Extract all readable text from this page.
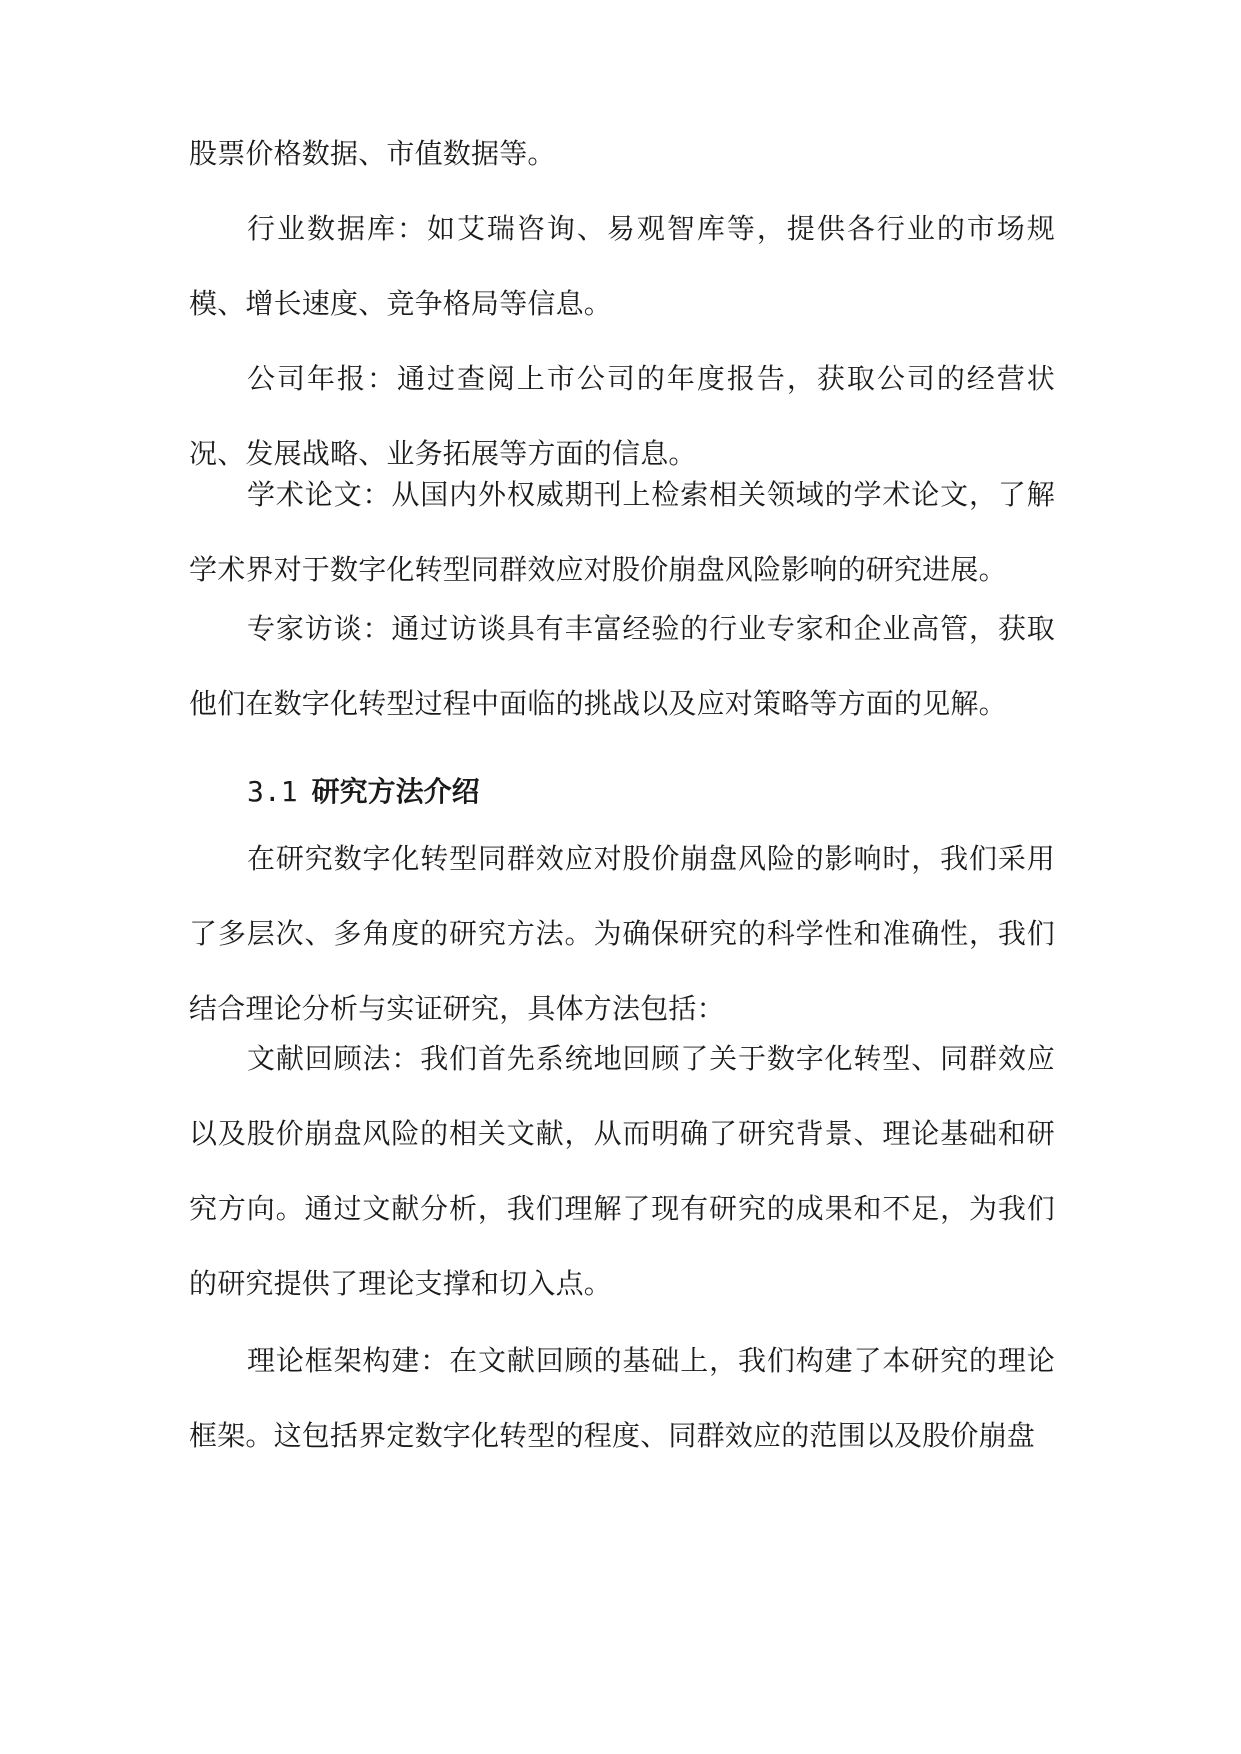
股票价格数据、市值数据等。

行业数据库：如艾瑞咨询、易观智库等，提供各行业的市场规模、增长速度、竞争格局等信息。

公司年报：通过查阅上市公司的年度报告，获取公司的经营状况、发展战略、业务拓展等方面的信息。

学术论文：从国内外权威期刊上检索相关领域的学术论文，了解学术界对于数字化转型同群效应对股价崩盘风险影响的研究进展。

专家访谈：通过访谈具有丰富经验的行业专家和企业高管，获取他们在数字化转型过程中面临的挑战以及应对策略等方面的见解。

3.1 研究方法介绍

在研究数字化转型同群效应对股价崩盘风险的影响时，我们采用了多层次、多角度的研究方法。为确保研究的科学性和准确性，我们结合理论分析与实证研究，具体方法包括：

文献回顾法：我们首先系统地回顾了关于数字化转型、同群效应以及股价崩盘风险的相关文献，从而明确了研究背景、理论基础和研究方向。通过文献分析，我们理解了现有研究的成果和不足，为我们的研究提供了理论支撑和切入点。

理论框架构建：在文献回顾的基础上，我们构建了本研究的理论框架。这包括界定数字化转型的程度、同群效应的范围以及股价崩盘
